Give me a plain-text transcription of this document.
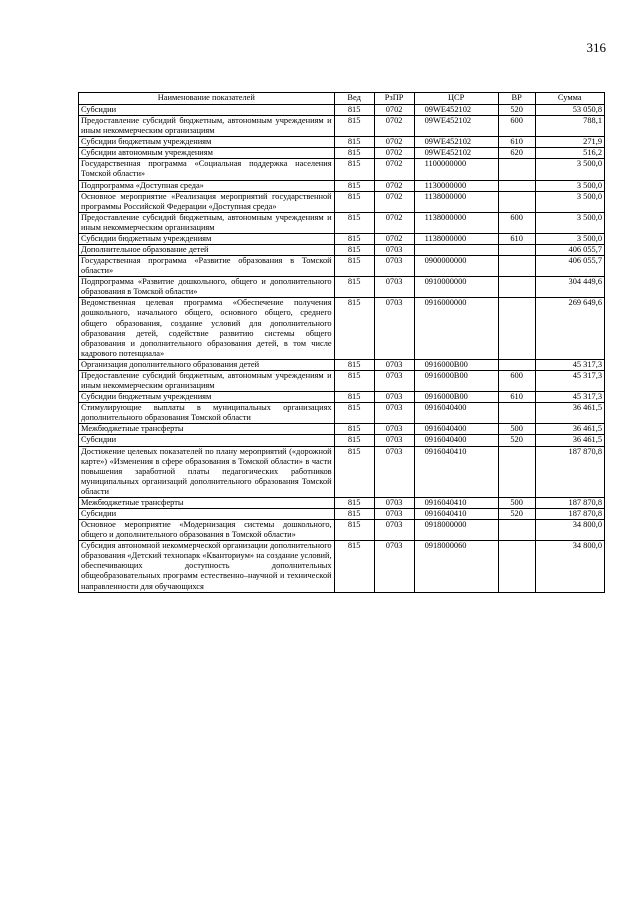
316
Наименование показателей	Вед	РзПР	ЦСР	ВР	Сумма
Субсидии	815	0702	09WE452102	520	53 050,8
Предоставление субсидий бюджетным, автономным учреждениям и иным некоммерческим организациям	815	0702	09WE452102	600	788,1
Субсидии бюджетным учреждениям	815	0702	09WE452102	610	271,9
Субсидии автономным учреждениям	815	0702	09WE452102	620	516,2
Государственная программа «Социальная поддержка населения Томской области»	815	0702	1100000000		3 500,0
Подпрограмма «Доступная среда»	815	0702	1130000000		3 500,0
Основное мероприятие «Реализация мероприятий государственной программы Российской Федерации «Доступная среда»	815	0702	1138000000		3 500,0
Предоставление субсидий бюджетным, автономным учреждениям и иным некоммерческим организациям	815	0702	1138000000	600	3 500,0
Субсидии бюджетным учреждениям	815	0702	1138000000	610	3 500,0
Дополнительное образование детей	815	0703			406 055,7
Государственная программа «Развитие образования в Томской области»	815	0703	0900000000		406 055,7
Подпрограмма «Развитие дошкольного, общего и дополнительного образования в Томской области»	815	0703	0910000000		304 449,6
Ведомственная целевая программа «Обеспечение получения дошкольного, начального общего, основного общего, среднего общего образования, создание условий для дополнительного образования детей, содействие развитию системы общего образования и дополнительного образования детей, в том числе кадрового потенциала»	815	0703	0916000000		269 649,6
Организация дополнительного образования детей	815	0703	0916000В00		45 317,3
Предоставление субсидий бюджетным, автономным учреждениям и иным некоммерческим организациям	815	0703	0916000В00	600	45 317,3
Субсидии бюджетным учреждениям	815	0703	0916000В00	610	45 317,3
Стимулирующие выплаты в муниципальных организациях дополнительного образования Томской области	815	0703	0916040400		36 461,5
Межбюджетные трансферты	815	0703	0916040400	500	36 461,5
Субсидии	815	0703	0916040400	520	36 461,5
Достижение целевых показателей по плану мероприятий («дорожной карте») «Изменения в сфере образования в Томской области» в части повышения заработной платы педагогических работников муниципальных организаций дополнительного образования Томской области	815	0703	0916040410		187 870,8
Межбюджетные трансферты	815	0703	0916040410	500	187 870,8
Субсидии	815	0703	0916040410	520	187 870,8
Основное мероприятие «Модернизация системы дошкольного, общего и дополнительного образования в Томской области»	815	0703	0918000000		34 800,0
Субсидия автономной некоммерческой организации дополнительного образования «Детский технопарк «Кванториум» на создание условий, обеспечивающих доступность дополнительных общеобразовательных программ естественно–научной и технической направленности для обучающихся	815	0703	0918000060		34 800,0
